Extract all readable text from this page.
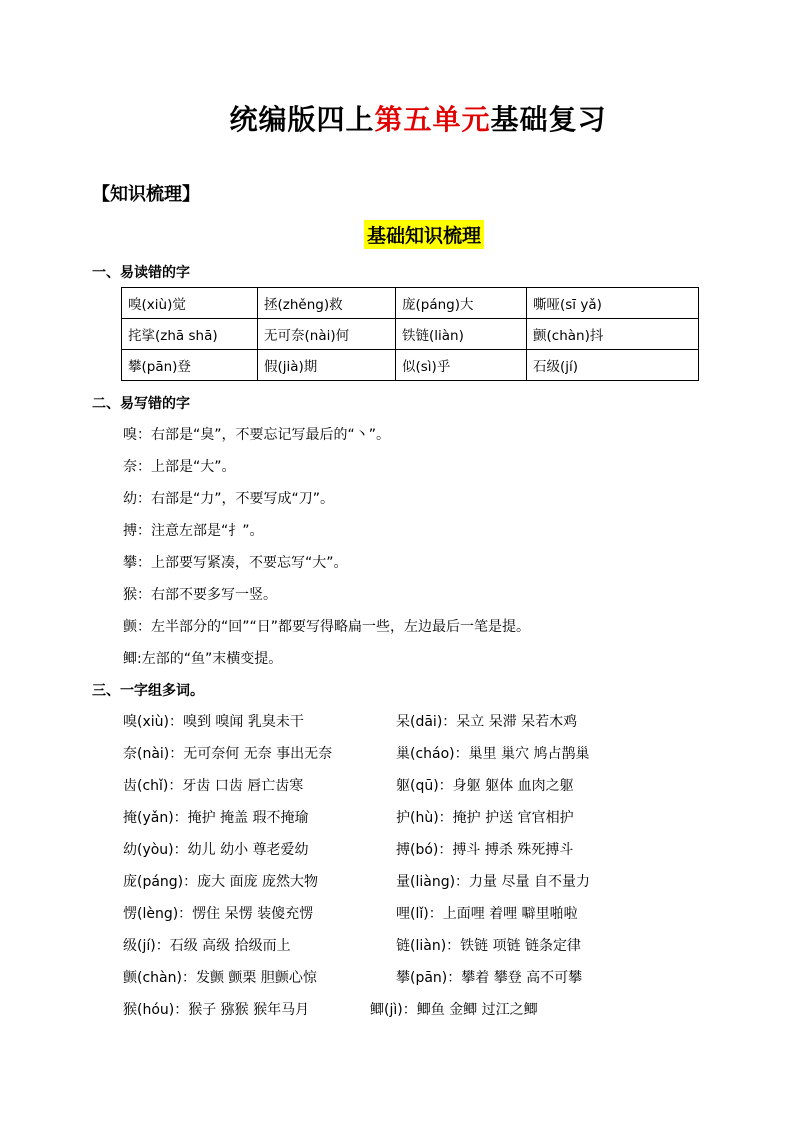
统编版四上第五单元基础复习
【知识梳理】
基础知识梳理
一、易读错的字
嗅(xiù)觉	拯(zhěng)救	庞(páng)大	嘶哑(sī yǎ)
挓挲(zhā shā)	无可奈(nài)何	铁链(liàn)	颤(chàn)抖
攀(pān)登	假(jià)期	似(sì)乎	石级(jí)
二、易写错的字
嗅：右部是“臭”，不要忘记写最后的“丶”。
奈：上部是“大”。
幼：右部是“力”，不要写成“刀”。
搏：注意左部是“扌”。
攀：上部要写紧凑，不要忘写“大”。
猴：右部不要多写一竖。
颤：左半部分的“回”“日”都要写得略扁一些，左边最后一笔是提。
鲫:左部的“鱼”末横变提。
三、一字组多词。
嗅(xiù)：嗅到 嗅闻 乳臭未干	呆(dāi)：呆立 呆滞 呆若木鸡
奈(nài)：无可奈何 无奈 事出无奈	巢(cháo)：巢里 巢穴 鸠占鹊巢
齿(chǐ)：牙齿 口齿 唇亡齿寒	躯(qū)：身躯 躯体 血肉之躯
掩(yǎn)：掩护 掩盖 瑕不掩瑜	护(hù)：掩护 护送 官官相护
幼(yòu)：幼儿 幼小 尊老爱幼	搏(bó)：搏斗 搏杀 殊死搏斗
庞(páng)：庞大 面庞 庞然大物	量(liàng)：力量 尽量 自不量力
愣(lèng)：愣住 呆愣 装傻充愣	哩(lǐ)：上面哩 着哩 噼里啪啦
级(jí)：石级 高级 拾级而上	链(liàn)：铁链 项链 链条定律
颤(chàn)：发颤 颤栗 胆颤心惊	攀(pān)：攀着 攀登 高不可攀
猴(hóu)：猴子 猕猴 猴年马月	鲫(jì)：鲫鱼 金鲫 过江之鲫
